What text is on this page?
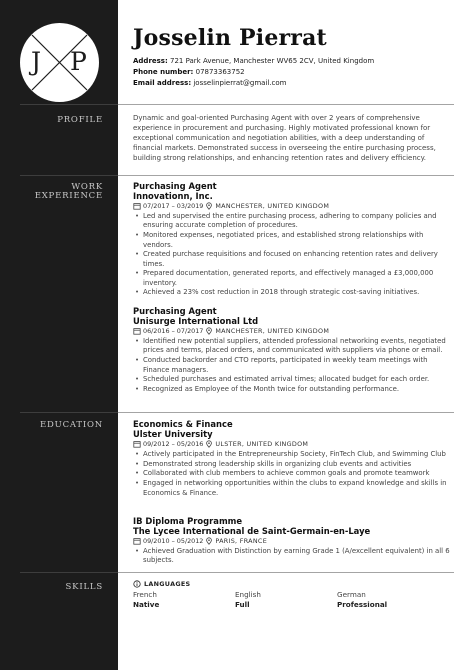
J P
Josselin Pierrat
Address: 721 Park Avenue, Manchester WV65 2CV, United Kingdom
Phone number: 07873363752
Email address: josselinpierrat@gmail.com
PROFILE
WORK
EXPERIENCE
EDUCATION
SKILLS
Dynamic and goal-oriented Purchasing Agent with over 2 years of comprehensive experience in procurement and purchasing. Highly motivated professional known for exceptional communication and negotiation abilities, with a deep understanding of financial markets. Demonstrated success in overseeing the entire purchasing process, building strong relationships, and enhancing retention rates and delivery efficiency.
Purchasing Agent
Innovationn, Inc.
07/2017 – 03/2019 MANCHESTER, UNITED KINGDOM
• Led and supervised the entire purchasing process, adhering to company policies and ensuring accurate completion of procedures.
• Monitored expenses, negotiated prices, and established strong relationships with vendors.
• Created purchase requisitions and focused on enhancing retention rates and delivery times.
• Prepared documentation, generated reports, and effectively managed a £3,000,000 inventory.
• Achieved a 23% cost reduction in 2018 through strategic cost-saving initiatives.
Purchasing Agent
Unisurge International Ltd
06/2016 – 07/2017 MANCHESTER, UNITED KINGDOM
• Identified new potential suppliers, attended professional networking events, negotiated prices and terms, placed orders, and communicated with suppliers via phone or email.
• Conducted backorder and CTO reports, participated in weekly team meetings with Finance managers.
• Scheduled purchases and estimated arrival times; allocated budget for each order.
• Recognized as Employee of the Month twice for outstanding performance.
Economics & Finance
Ulster University
09/2012 – 05/2016 ULSTER, UNITED KINGDOM
• Actively participated in the Entrepreneurship Society, FinTech Club, and Swimming Club
• Demonstrated strong leadership skills in organizing club events and activities
• Collaborated with club members to achieve common goals and promote teamwork
• Engaged in networking opportunities within the clubs to expand knowledge and skills in Economics & Finance.
IB Diploma Programme
The Lycee International de Saint-Germain-en-Laye
09/2010 – 05/2012 PARIS, FRANCE
• Achieved Graduation with Distinction by earning Grade 1 (A/excellent equivalent) in all 6 subjects.
LANGUAGES
French
Native
English
Full
German
Professional
